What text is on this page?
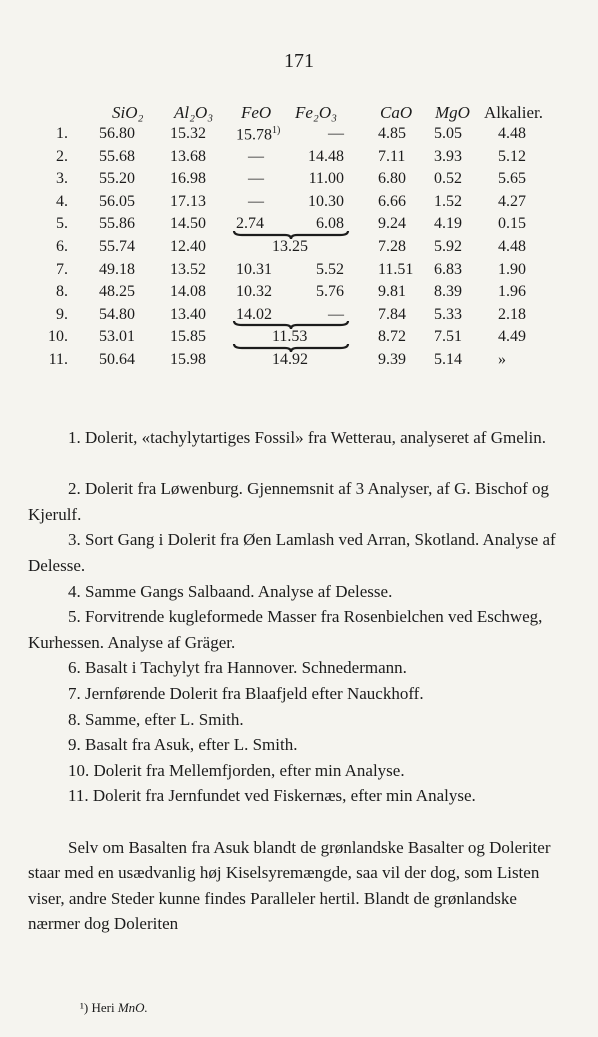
171
SiO₂ Al₂O₃ FeO Fe₂O₃	CaO MgO Alkalier.
1. 56.80 15.32 15.78$^{1)}$	— 4.85 5.05 4.48
2. 55.68 13.68	—	14.48 7.11 3.93 5.12
3. 55.20 16.98	—	11.00 6.80 0.52 5.65
4. 56.05 17.13	—	10.30 6.66 1.52 4.27
5. 55.86 14.50 2.74	6.08 9.24 4.19 0.15
6. 55.74 12.40	13.25	7.28 5.92 4.48
7. 49.18 13.52 10.31	5.52 11.51 6.83 1.90
8. 48.25 14.08 10.32	5.76 9.81 8.39 1.96
9. 54.80 13.40 14.02	— 7.84 5.33 2.18
10. 53.01 15.85	11.53	8.72 7.51 4.49
11. 50.64 15.98	14.92	9.39 5.14 »
1. Dolerit, «tachylytartiges Fossil» fra Wetterau, analyseret af Gmelin.
2. Dolerit fra Løwenburg. Gjennemsnit af 3 Analyser, af G. Bischof og Kjerulf.
3. Sort Gang i Dolerit fra Øen Lamlash ved Arran, Skotland. Analyse af Delesse.
4. Samme Gangs Salbaand. Analyse af Delesse.
5. Forvitrende kugleformede Masser fra Rosenbielchen ved Eschweg, Kurhessen. Analyse af Gräger.
6. Basalt i Tachylyt fra Hannover. Schnedermann.
7. Jernførende Dolerit fra Blaafjeld efter Nauckhoff.
8. Samme, efter L. Smith.
9. Basalt fra Asuk, efter L. Smith.
10. Dolerit fra Mellemfjorden, efter min Analyse.
11. Dolerit fra Jernfundet ved Fiskernæs, efter min Analyse.
Selv om Basalten fra Asuk blandt de grønlandske Basalter og Doleriter staar med en usædvanlig høj Kiselsyremængde, saa vil der dog, som Listen viser, andre Steder kunne findes Paralleler hertil. Blandt de grønlandske nærmer dog Doleriten
¹) Heri MnO.
